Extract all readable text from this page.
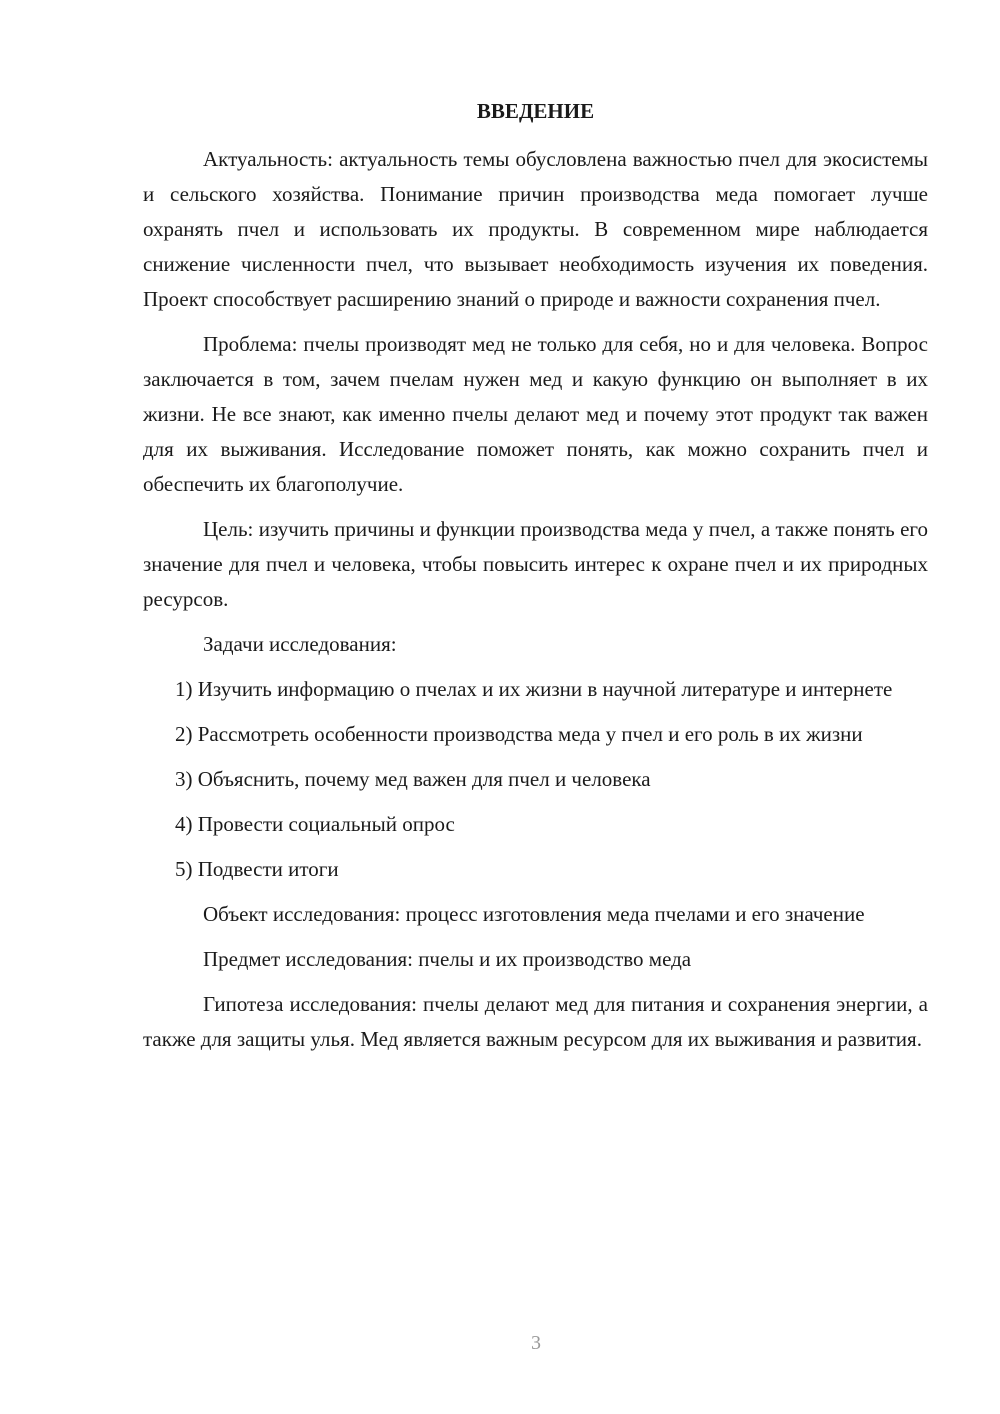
ВВЕДЕНИЕ

Актуальность: актуальность темы обусловлена важностью пчел для экосистемы и сельского хозяйства. Понимание причин производства меда помогает лучше охранять пчел и использовать их продукты. В современном мире наблюдается снижение численности пчел, что вызывает необходимость изучения их поведения. Проект способствует расширению знаний о природе и важности сохранения пчел.

Проблема: пчелы производят мед не только для себя, но и для человека. Вопрос заключается в том, зачем пчелам нужен мед и какую функцию он выполняет в их жизни. Не все знают, как именно пчелы делают мед и почему этот продукт так важен для их выживания. Исследование поможет понять, как можно сохранить пчел и обеспечить их благополучие.

Цель: изучить причины и функции производства меда у пчел, а также понять его значение для пчел и человека, чтобы повысить интерес к охране пчел и их природных ресурсов.

Задачи исследования:

1) Изучить информацию о пчелах и их жизни в научной литературе и интернете

2) Рассмотреть особенности производства меда у пчел и его роль в их жизни

3) Объяснить, почему мед важен для пчел и человека

4) Провести социальный опрос

5) Подвести итоги

Объект исследования: процесс изготовления меда пчелами и его значение

Предмет исследования: пчелы и их производство меда

Гипотеза исследования: пчелы делают мед для питания и сохранения энергии, а также для защиты улья. Мед является важным ресурсом для их выживания и развития.

3
